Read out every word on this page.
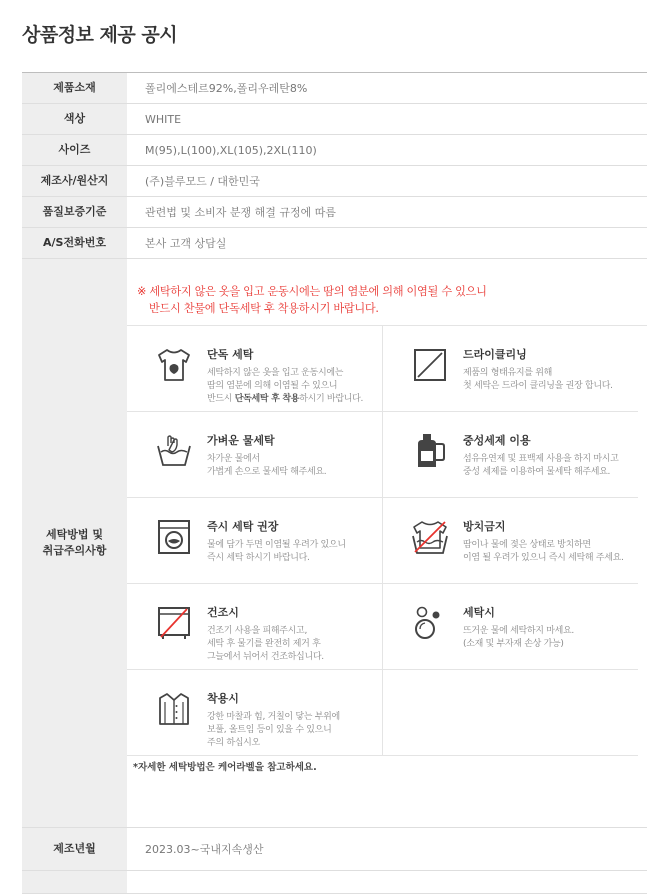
상품정보 제공 공시
제품소재	폴리에스테르92%,폴리우레탄8%
색상	WHITE
사이즈	M(95),L(100),XL(105),2XL(110)
제조사/원산지	(주)블루모드 / 대한민국
품질보증기준	관련법 및 소비자 분쟁 해결 규정에 따름
A/S전화번호	본사 고객 상담실
세탁방법 및
취급주의사항
※ 세탁하지 않은 옷을 입고 운동시에는 땀의 염분에 의해 이염될 수 있으니
반드시 찬물에 단독세탁 후 착용하시기 바랍니다.
단독 세탁
세탁하지 않은 옷을 입고 운동시에는
땀의 염분에 의해 이염될 수 있으니
반드시 단독세탁 후 착용하시기 바랍니다.
드라이클리닝
제품의 형태유지를 위해
첫 세탁은 드라이 클리닝을 권장 합니다.
가벼운 물세탁
차가운 물에서
가볍게 손으로 물세탁 해주세요.
중성세제 이용
섬유유연제 및 표백제 사용을 하지 마시고
중성 세제를 이용하여 물세탁 해주세요.
즉시 세탁 권장
물에 담가 두면 이염될 우려가 있으니
즉시 세탁 하시기 바랍니다.
방치금지
땀이나 물에 젖은 상태로 방치하면
이염 될 우려가 있으니 즉시 세탁해 주세요.
건조시
건조기 사용을 피해주시고,
세탁 후 물기를 완전히 제거 후
그늘에서 뉘어서 건조하십니다.
세탁시
뜨거운 물에 세탁하지 마세요.
(소재 및 부자재 손상 가능)
착용시
강한 마찰과 힘, 거칠이 닿는 부위에
보풀, 올트임 등이 있을 수 있으니
주의 하십시오
*자세한 세탁방법은 케어라벨을 참고하세요.
제조년월	2023.03~국내지속생산
